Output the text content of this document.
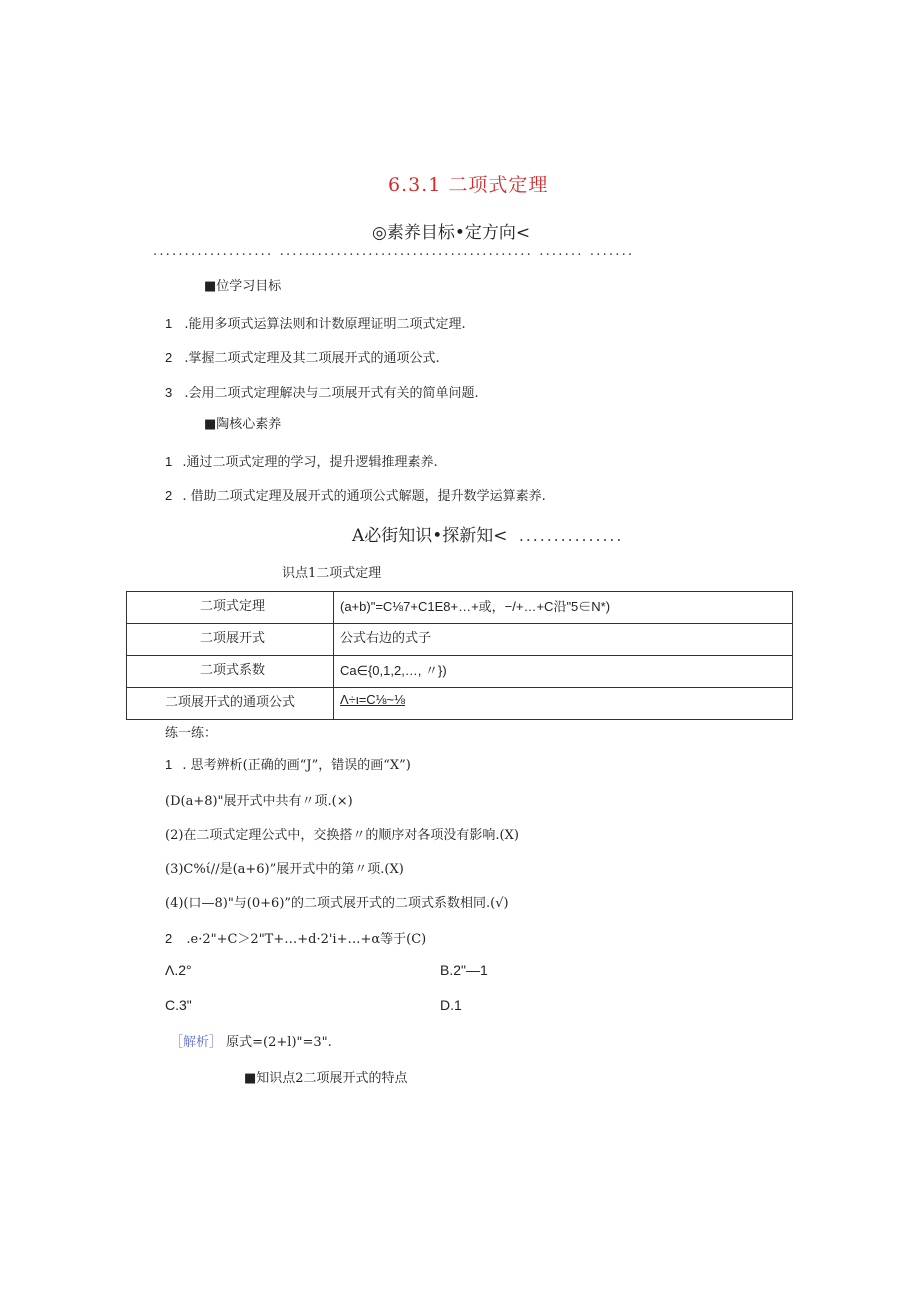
6.3.1 二项式定理
◎素养目标•定方向<
................... ........................................ ....... .......
■位学习目标
1 .能用多项式运算法则和计数原理证明二项式定理.
2 .掌握二项式定理及其二项展开式的通项公式.
3 .会用二项式定理解决与二项展开式有关的简单问题.
■陶核心素养
1 .通过二项式定理的学习，提升逻辑推理素养.
2 . 借助二项式定理及展开式的通项公式解题，提升数学运算素养.
A必街知识•探新知< ...............
识点1二项式定理
二项式定理	(a+b)"=C⅛7+C1E8+…+或，−/+…+C沿"5∈N*)

二项展开式	公式右边的式子

二项式系数	Ca∈{0,1,2,…, 〃})

二项展开式的通项公式	Λ÷ι=C⅛~⅛
练一练：
1 . 思考辨析(正确的画“J”，错误的画“X”)
(D(a+8)"展开式中共有〃项.(×)
(2)在二项式定理公式中，交换搭〃的顺序对各项没有影响.(X)
(3)C%ί//是(a+6)”展开式中的第〃项.(X)
(4)(口—8)"与(0+6)”的二项式展开式的二项式系数相同.(√)
2 .e·2"+C＞2"T+…+d·2'i+…+α等于(C)
Λ.2°	B.2"—1
C.3"	D.1
［解析］ 原式=(2+l)"=3".
■知识点2二项展开式的特点
